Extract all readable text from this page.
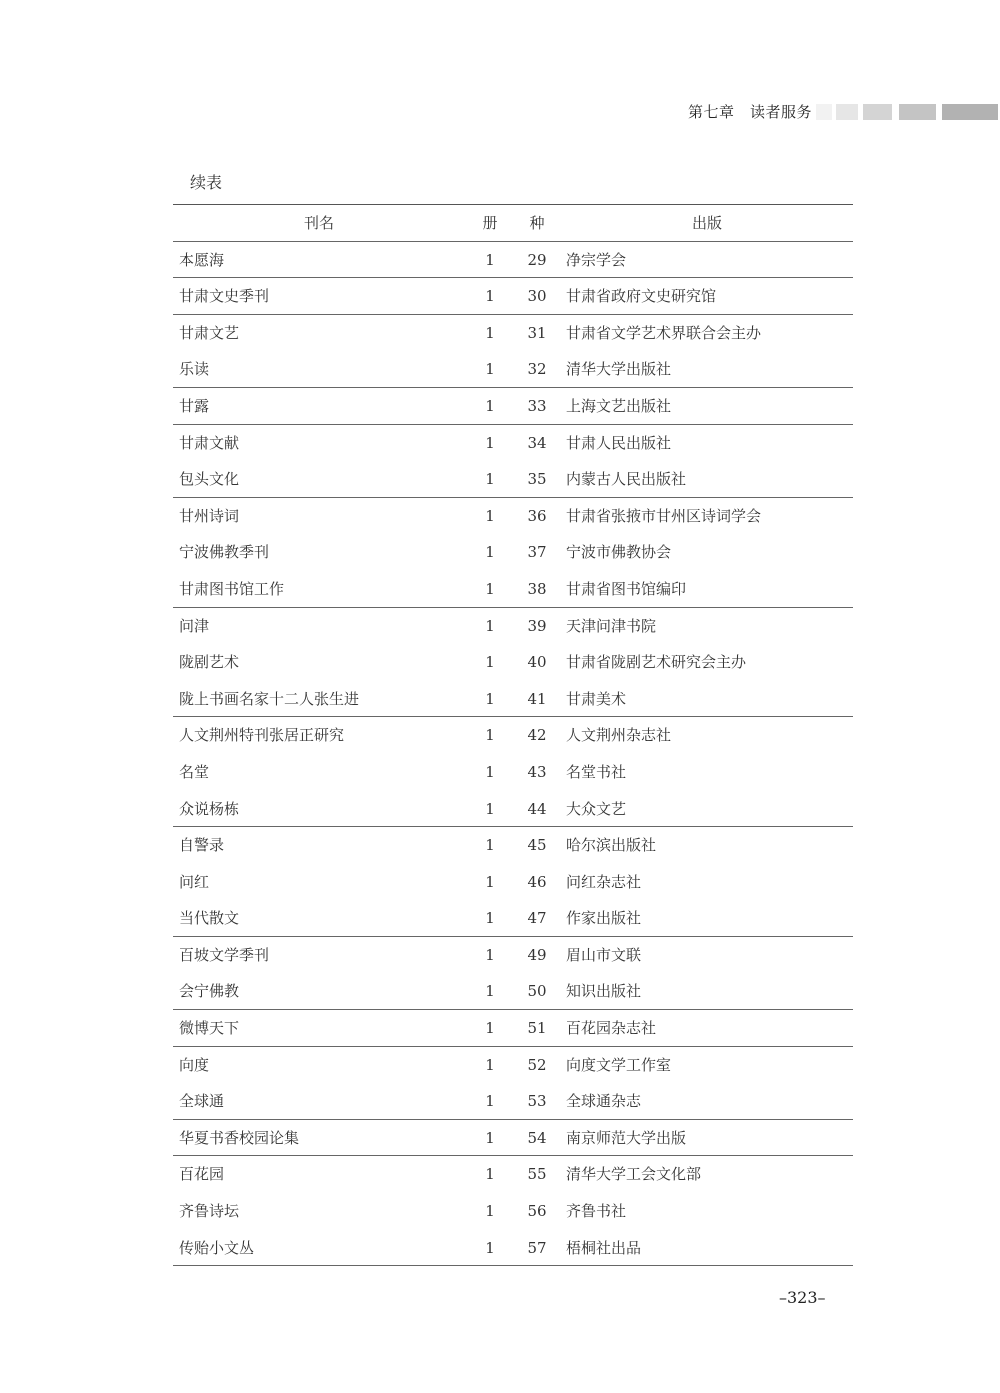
第七章　读者服务
续表
刊名	册 种	出版
本愿海	1	29 净宗学会
甘肃文史季刊	1	30 甘肃省政府文史研究馆
甘肃文艺	1	31 甘肃省文学艺术界联合会主办
乐读	1	32 清华大学出版社
甘露	1	33 上海文艺出版社
甘肃文献	1	34 甘肃人民出版社
包头文化	1	35 内蒙古人民出版社
甘州诗词	1	36 甘肃省张掖市甘州区诗词学会
宁波佛教季刊	1	37 宁波市佛教协会
甘肃图书馆工作	1	38 甘肃省图书馆编印
问津	1	39 天津问津书院
陇剧艺术	1	40 甘肃省陇剧艺术研究会主办
陇上书画名家十二人张生进	1	41 甘肃美术
人文荆州特刊张居正研究	1	42 人文荆州杂志社
名堂	1	43 名堂书社
众说杨栋	1	44 大众文艺
自警录	1	45 哈尔滨出版社
问红	1	46 问红杂志社
当代散文	1	47 作家出版社
百坡文学季刊	1	49 眉山市文联
会宁佛教	1	50 知识出版社
微博天下	1	51 百花园杂志社
向度	1	52 向度文学工作室
全球通	1	53 全球通杂志
华夏书香校园论集	1	54 南京师范大学出版
百花园	1	55 清华大学工会文化部
齐鲁诗坛	1	56 齐鲁书社
传贻小文丛	1	57 梧桐社出品
–323–
